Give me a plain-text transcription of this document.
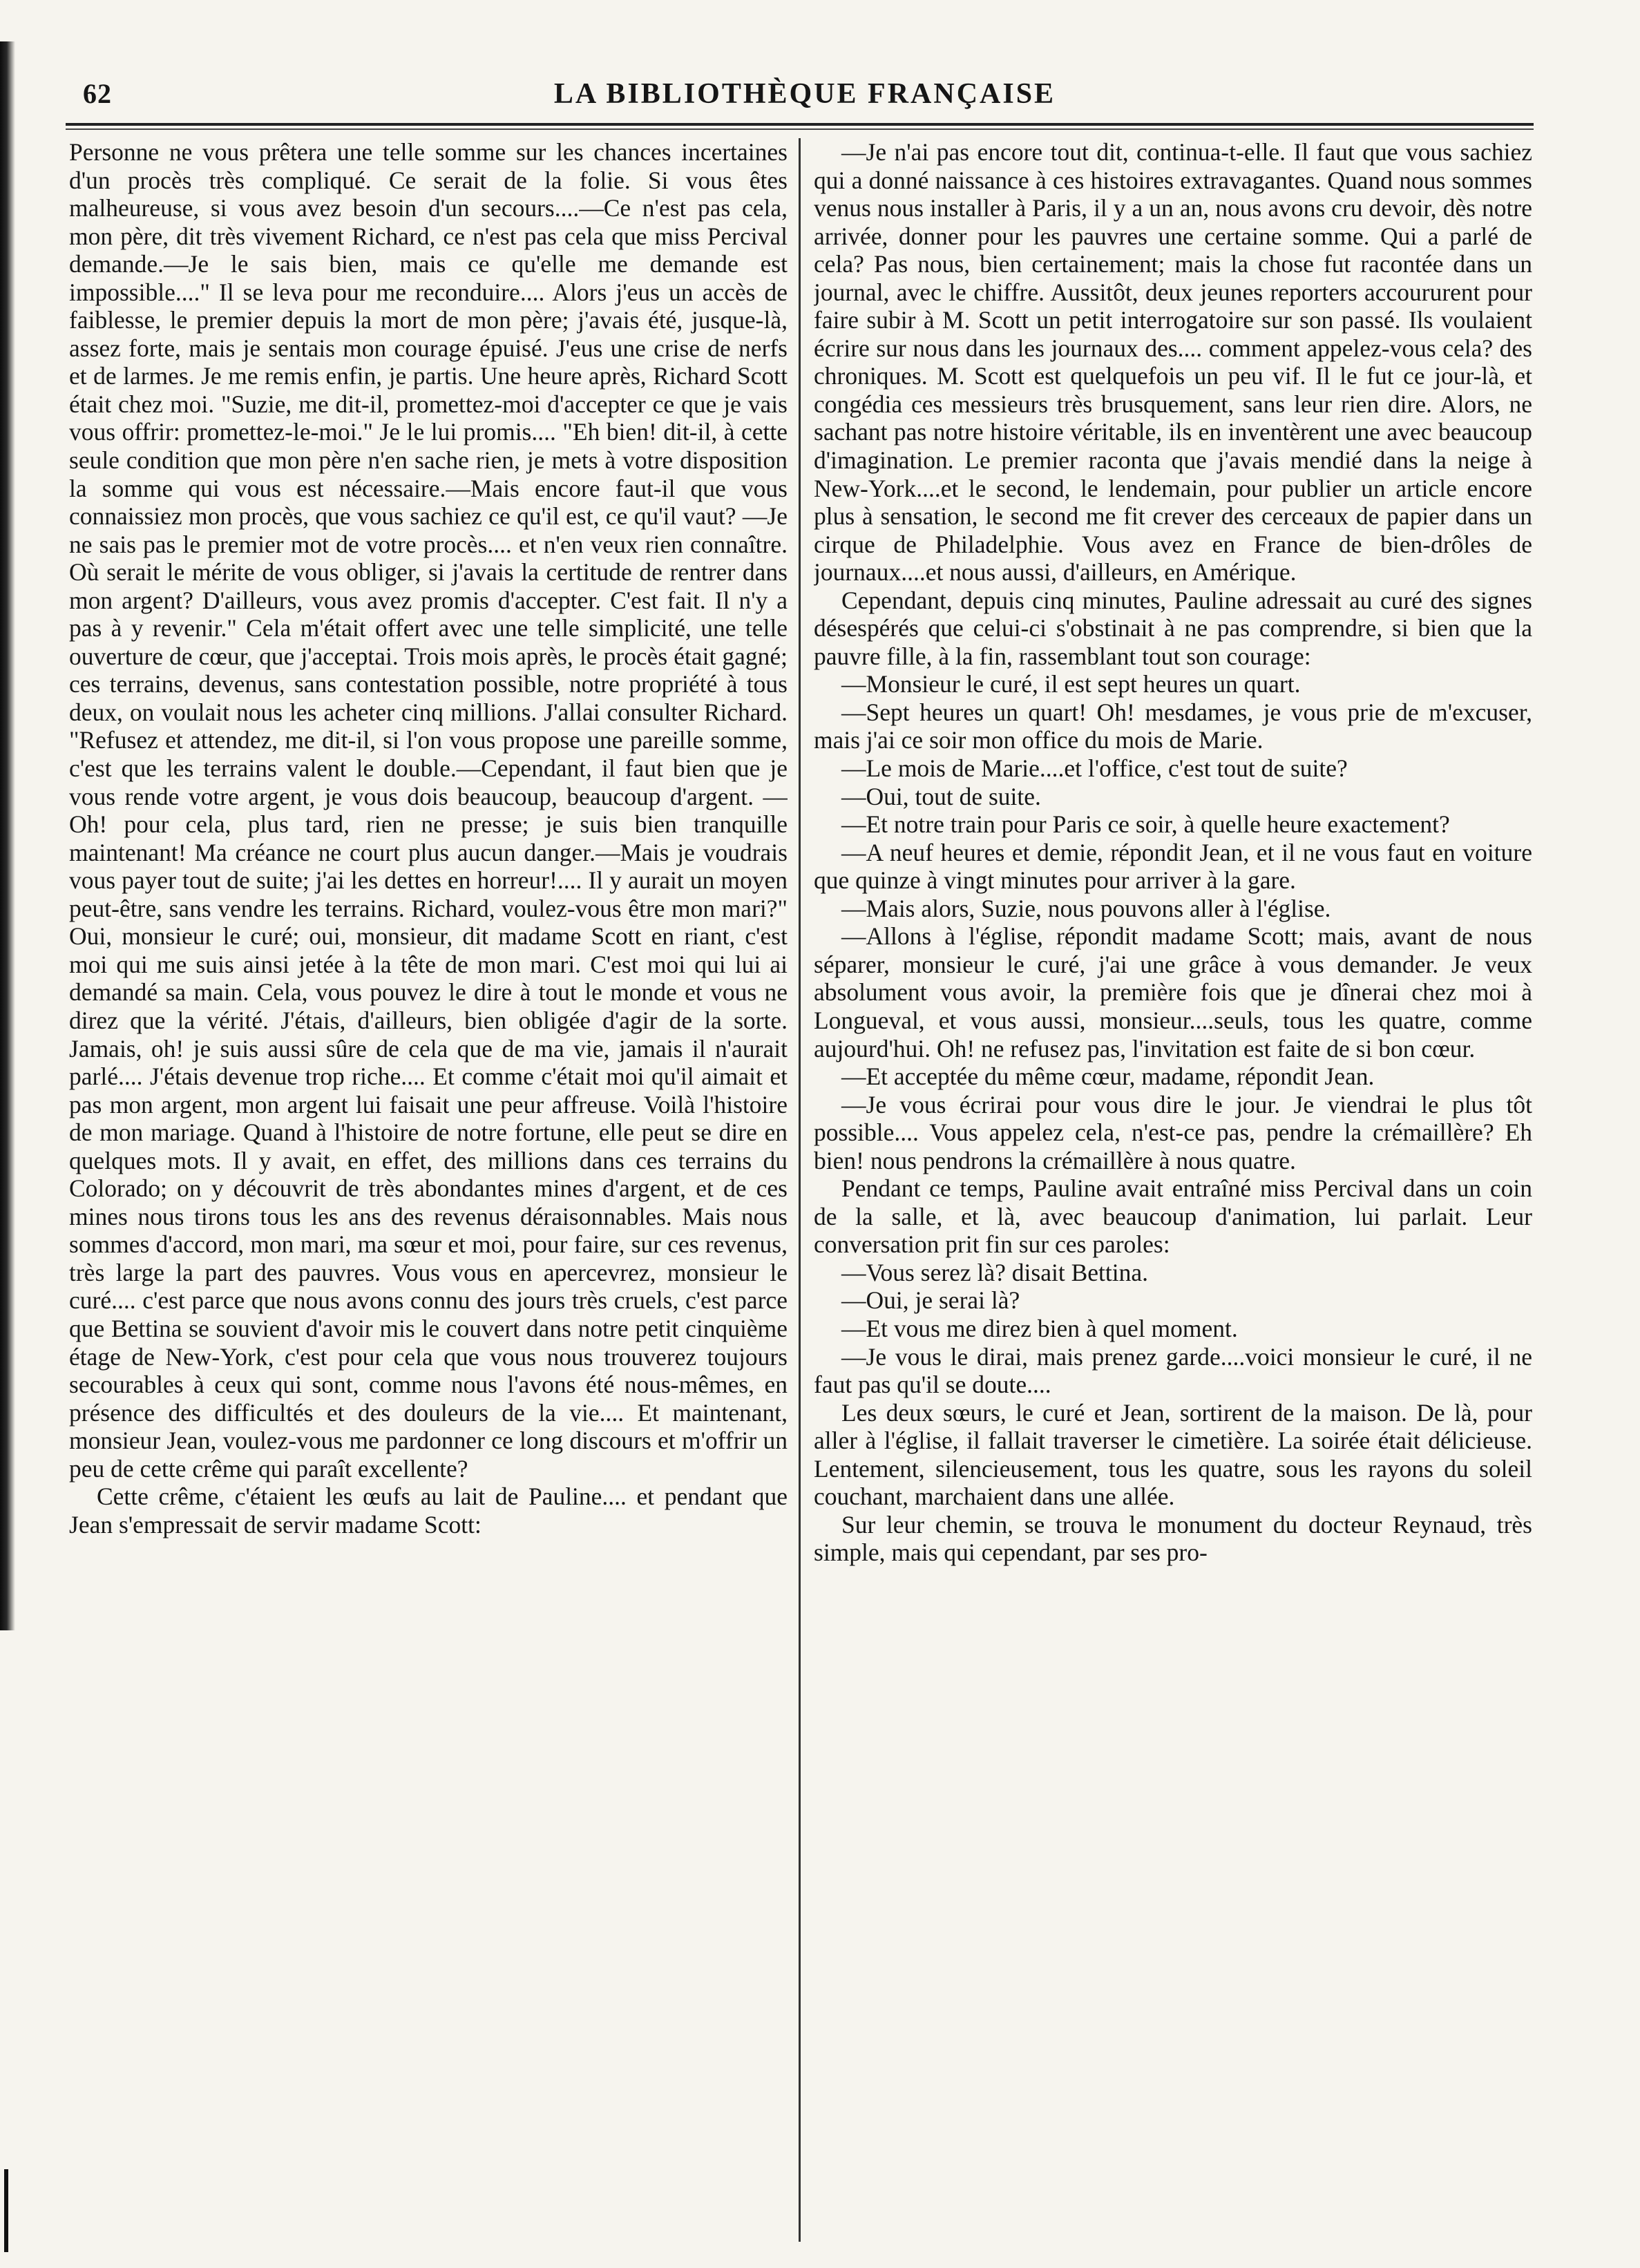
62	LA BIBLIOTHÈQUE FRANÇAISE

Personne ne vous prêtera une telle somme sur les chances incertaines d'un procès très compliqué. Ce serait de la folie. Si vous êtes malheureuse, si vous avez besoin d'un secours....—Ce n'est pas cela, mon père, dit très vivement Richard, ce n'est pas cela que miss Percival demande.—Je le sais bien, mais ce qu'elle me demande est impossible...." Il se leva pour me reconduire.... Alors j'eus un accès de faiblesse, le premier depuis la mort de mon père; j'avais été, jusque-là, assez forte, mais je sentais mon courage épuisé. J'eus une crise de nerfs et de larmes. Je me remis enfin, je partis. Une heure après, Richard Scott était chez moi. "Suzie, me dit-il, promettez-moi d'accepter ce que je vais vous offrir: promettez-le-moi." Je le lui promis.... "Eh bien! dit-il, à cette seule condition que mon père n'en sache rien, je mets à votre disposition la somme qui vous est nécessaire.—Mais encore faut-il que vous connaissiez mon procès, que vous sachiez ce qu'il est, ce qu'il vaut? —Je ne sais pas le premier mot de votre procès.... et n'en veux rien connaître. Où serait le mérite de vous obliger, si j'avais la certitude de rentrer dans mon argent? D'ailleurs, vous avez promis d'accepter. C'est fait. Il n'y a pas à y revenir." Cela m'était offert avec une telle simplicité, une telle ouverture de cœur, que j'acceptai. Trois mois après, le procès était gagné; ces terrains, devenus, sans contestation possible, notre propriété à tous deux, on voulait nous les acheter cinq millions. J'allai consulter Richard. "Refusez et attendez, me dit-il, si l'on vous propose une pareille somme, c'est que les terrains valent le double.—Cependant, il faut bien que je vous rende votre argent, je vous dois beaucoup, beaucoup d'argent. —Oh! pour cela, plus tard, rien ne presse; je suis bien tranquille maintenant! Ma créance ne court plus aucun danger.—Mais je voudrais vous payer tout de suite; j'ai les dettes en horreur!.... Il y aurait un moyen peut-être, sans vendre les terrains. Richard, voulez-vous être mon mari?" Oui, monsieur le curé; oui, monsieur, dit madame Scott en riant, c'est moi qui me suis ainsi jetée à la tête de mon mari. C'est moi qui lui ai demandé sa main. Cela, vous pouvez le dire à tout le monde et vous ne direz que la vérité. J'étais, d'ailleurs, bien obligée d'agir de la sorte. Jamais, oh! je suis aussi sûre de cela que de ma vie, jamais il n'aurait parlé.... J'étais devenue trop riche.... Et comme c'était moi qu'il aimait et pas mon argent, mon argent lui faisait une peur affreuse. Voilà l'histoire de mon mariage. Quand à l'histoire de notre fortune, elle peut se dire en quelques mots. Il y avait, en effet, des millions dans ces terrains du Colorado; on y découvrit de très abondantes mines d'argent, et de ces mines nous tirons tous les ans des revenus déraisonnables. Mais nous sommes d'accord, mon mari, ma sœur et moi, pour faire, sur ces revenus, très large la part des pauvres. Vous vous en apercevrez, monsieur le curé.... c'est parce que nous avons connu des jours très cruels, c'est parce que Bettina se souvient d'avoir mis le couvert dans notre petit cinquième étage de New-York, c'est pour cela que vous nous trouverez toujours secourables à ceux qui sont, comme nous l'avons été nous-mêmes, en présence des difficultés et des douleurs de la vie.... Et maintenant, monsieur Jean, voulez-vous me pardonner ce long discours et m'offrir un peu de cette crême qui paraît excellente?

Cette crême, c'étaient les œufs au lait de Pauline.... et pendant que Jean s'empressait de servir madame Scott:

—Je n'ai pas encore tout dit, continua-t-elle. Il faut que vous sachiez qui a donné naissance à ces histoires extravagantes. Quand nous sommes venus nous installer à Paris, il y a un an, nous avons cru devoir, dès notre arrivée, donner pour les pauvres une certaine somme. Qui a parlé de cela? Pas nous, bien certainement; mais la chose fut racontée dans un journal, avec le chiffre. Aussitôt, deux jeunes reporters accoururent pour faire subir à M. Scott un petit interrogatoire sur son passé. Ils voulaient écrire sur nous dans les journaux des.... comment appelez-vous cela? des chroniques. M. Scott est quelquefois un peu vif. Il le fut ce jour-là, et congédia ces messieurs très brusquement, sans leur rien dire. Alors, ne sachant pas notre histoire véritable, ils en inventèrent une avec beaucoup d'imagination. Le premier raconta que j'avais mendié dans la neige à New-York....et le second, le lendemain, pour publier un article encore plus à sensation, le second me fit crever des cerceaux de papier dans un cirque de Philadelphie. Vous avez en France de bien-drôles de journaux....et nous aussi, d'ailleurs, en Amérique.

Cependant, depuis cinq minutes, Pauline adressait au curé des signes désespérés que celui-ci s'obstinait à ne pas comprendre, si bien que la pauvre fille, à la fin, rassemblant tout son courage:

—Monsieur le curé, il est sept heures un quart.

—Sept heures un quart! Oh! mesdames, je vous prie de m'excuser, mais j'ai ce soir mon office du mois de Marie.

—Le mois de Marie....et l'office, c'est tout de suite?

—Oui, tout de suite.

—Et notre train pour Paris ce soir, à quelle heure exactement?

—A neuf heures et demie, répondit Jean, et il ne vous faut en voiture que quinze à vingt minutes pour arriver à la gare.

—Mais alors, Suzie, nous pouvons aller à l'église.

—Allons à l'église, répondit madame Scott; mais, avant de nous séparer, monsieur le curé, j'ai une grâce à vous demander. Je veux absolument vous avoir, la première fois que je dînerai chez moi à Longueval, et vous aussi, monsieur....seuls, tous les quatre, comme aujourd'hui. Oh! ne refusez pas, l'invitation est faite de si bon cœur.

—Et acceptée du même cœur, madame, répondit Jean.

—Je vous écrirai pour vous dire le jour. Je viendrai le plus tôt possible.... Vous appelez cela, n'est-ce pas, pendre la crémaillère? Eh bien! nous pendrons la crémaillère à nous quatre.

Pendant ce temps, Pauline avait entraîné miss Percival dans un coin de la salle, et là, avec beaucoup d'animation, lui parlait. Leur conversation prit fin sur ces paroles:

—Vous serez là? disait Bettina.

—Oui, je serai là?

—Et vous me direz bien à quel moment.

—Je vous le dirai, mais prenez garde....voici monsieur le curé, il ne faut pas qu'il se doute....

Les deux sœurs, le curé et Jean, sortirent de la maison. De là, pour aller à l'église, il fallait traverser le cimetière. La soirée était délicieuse. Lentement, silencieusement, tous les quatre, sous les rayons du soleil couchant, marchaient dans une allée.

Sur leur chemin, se trouva le monument du docteur Reynaud, très simple, mais qui cependant, par ses pro-
